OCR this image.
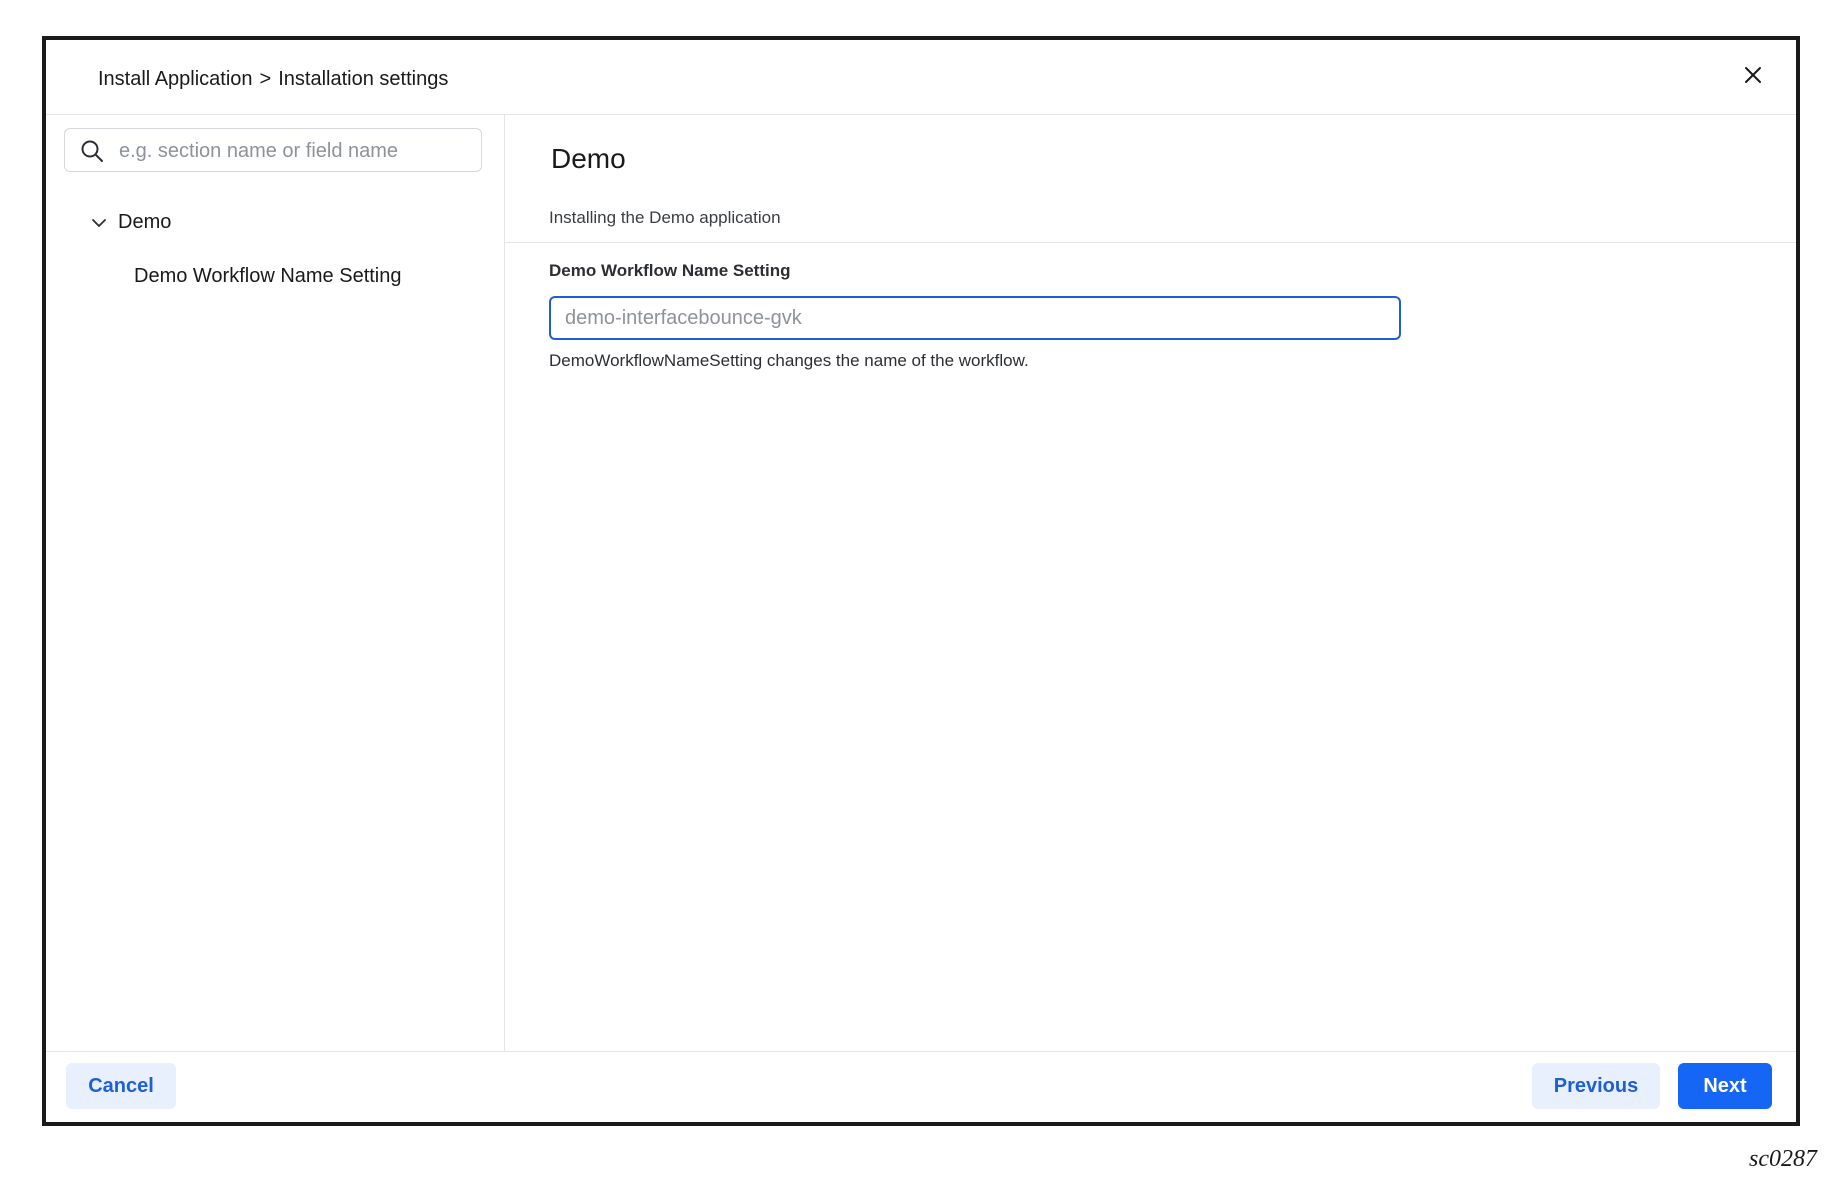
Install Application > Installation settings
e.g. section name or field name
Demo
Demo Workflow Name Setting
Demo
Installing the Demo application
Demo Workflow Name Setting
demo-interfacebounce-gvk
DemoWorkflowNameSetting changes the name of the workflow.
Cancel	Previous	Next
sc0287
